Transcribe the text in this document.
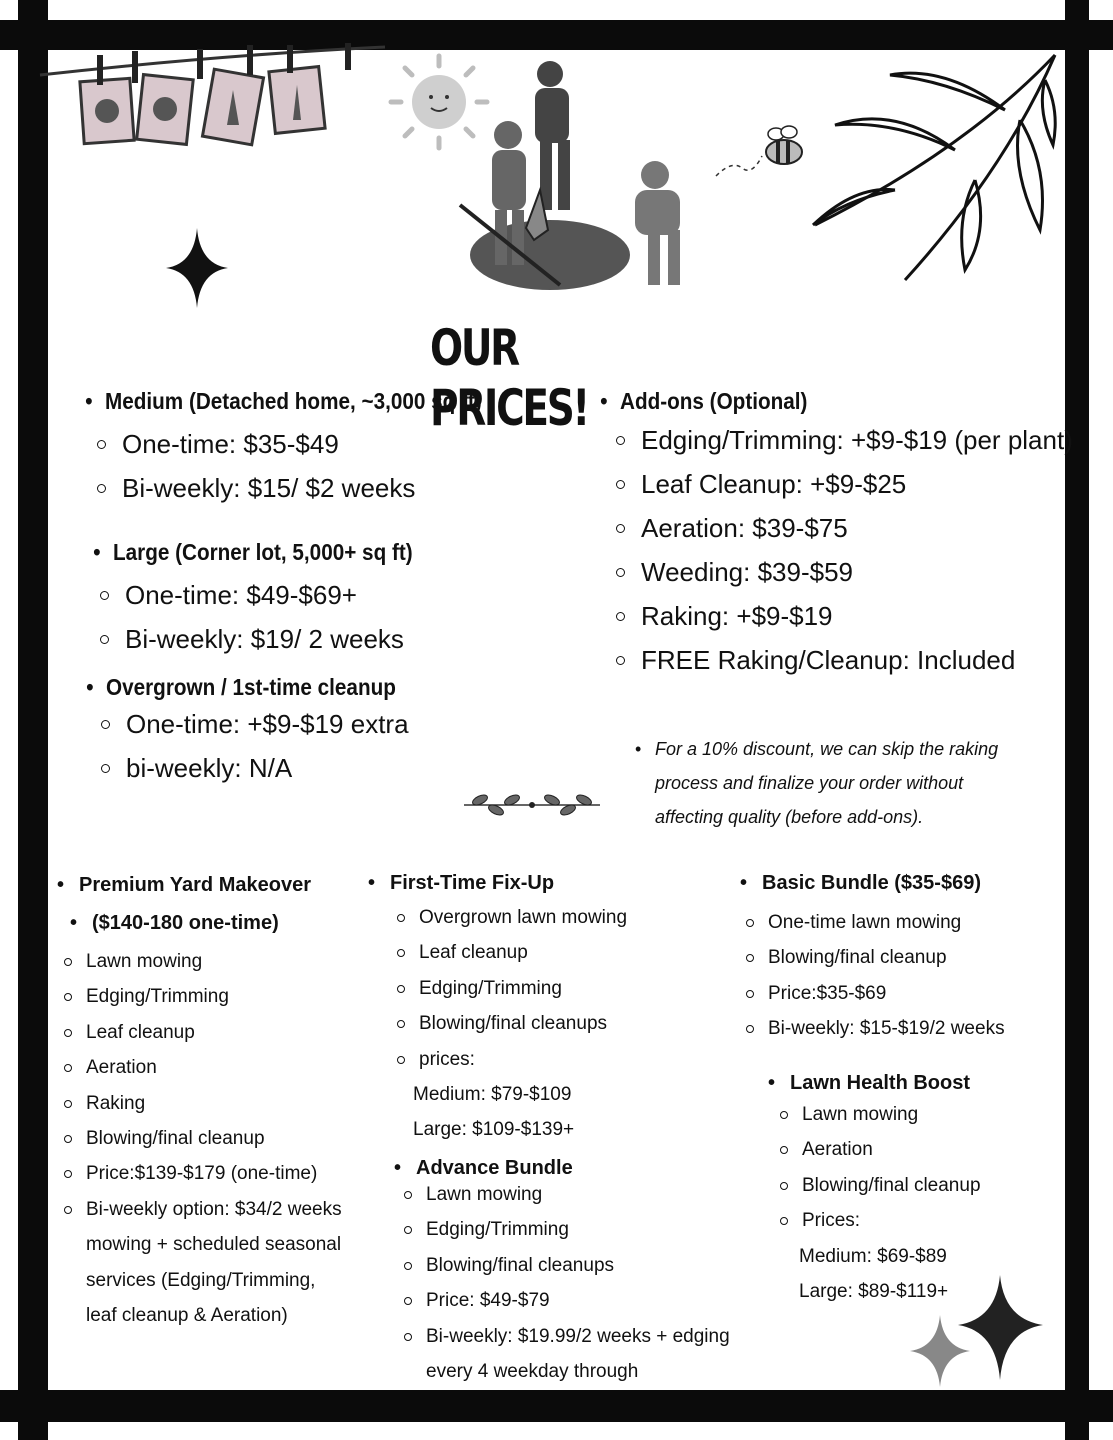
OUR PRICES!

• Medium (Detached home, ~3,000 sq ft)

One-time: $35-$49

Bi-weekly: $15/ $2 weeks

• Large (Corner lot, 5,000+ sq ft)

One-time: $49-$69+

Bi-weekly: $19/ 2 weeks

• Overgrown / 1st-time cleanup

One-time: +$9-$19 extra

bi-weekly: N/A

• Add-ons (Optional)

Edging/Trimming: +$9-$19 (per plant)

Leaf Cleanup: +$9-$25

Aeration: $39-$75

Weeding: $39-$59

Raking: +$9-$19

FREE Raking/Cleanup: Included

• For a 10% discount, we can skip the raking process and finalize your order without affecting quality (before add-ons).

• Premium Yard Makeover

• ($140-180 one-time)

Lawn mowing

Edging/Trimming

Leaf cleanup

Aeration

Raking

Blowing/final cleanup

Price:$139-$179 (one-time)

Bi-weekly option: $34/2 weeks

mowing + scheduled seasonal

services (Edging/Trimming,

leaf cleanup & Aeration)

• First-Time Fix-Up

Overgrown lawn mowing

Leaf cleanup

Edging/Trimming

Blowing/final cleanups

prices:

Medium: $79-$109

Large: $109-$139+

• Advance Bundle

Lawn mowing

Edging/Trimming

Blowing/final cleanups

Price: $49-$79

Bi-weekly: $19.99/2 weeks + edging

every 4 weekday through

• Basic Bundle ($35-$69)

One-time lawn mowing

Blowing/final cleanup

Price:$35-$69

Bi-weekly: $15-$19/2 weeks

• Lawn Health Boost

Lawn mowing

Aeration

Blowing/final cleanup

Prices:

Medium: $69-$89

Large: $89-$119+
